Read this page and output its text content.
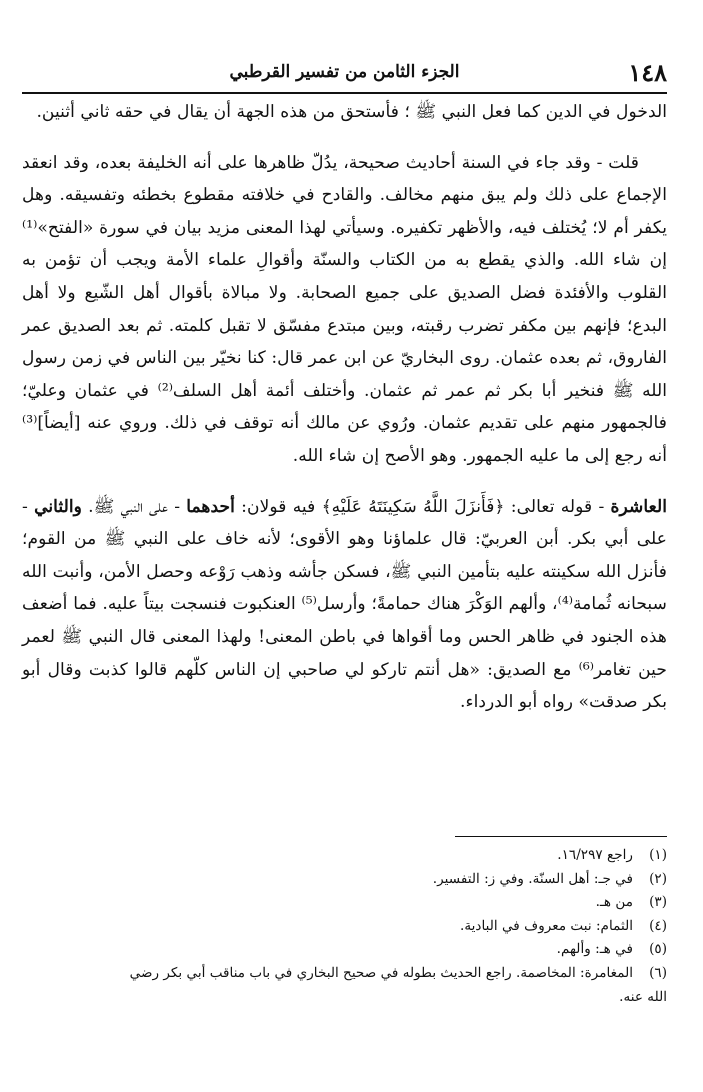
١٤٨
الجزء الثامن من تفسير القرطبي

الدخول في الدين كما فعل النبي ﷺ ؛ فأستحق من هذه الجهة أن يقال في حقه ثاني أثنين.

قلت - وقد جاء في السنة أحاديث صحيحة، يدُلّ ظاهرها على أنه الخليفة بعده، وقد انعقد الإجماع على ذلك ولم يبق منهم مخالف. والقادح في خلافته مقطوع بخطئه وتفسيقه. وهل يكفر أم لا؛ يُختلف فيه، والأظهر تكفيره. وسيأتي لهذا المعنى مزيد بيان في سورة «الفتح»⁽¹⁾ إن شاء الله. والذي يقطع به من الكتاب والسنّة وأقوالِ علماء الأمة ويجب أن تؤمن به القلوب والأفئدة فضل الصديق على جميع الصحابة. ولا مبالاة بأقوال أهل الشّيع ولا أهل البدع؛ فإنهم بين مكفر تضرب رقبته، وبين مبتدع مفسّق لا تقبل كلمته. ثم بعد الصديق عمر الفاروق، ثم بعده عثمان. روى البخاريّ عن ابن عمر قال: كنا نخيّر بين الناس في زمن رسول الله ﷺ فنخير أبا بكر ثم عمر ثم عثمان. وأختلف أئمة أهل السلف⁽²⁾ في عثمان وعليّ؛ فالجمهور منهم على تقديم عثمان. ورُوي عن مالك أنه توقف في ذلك. وروي عنه [أيضاً]⁽³⁾ أنه رجع إلى ما عليه الجمهور. وهو الأصح إن شاء الله.

العاشرة - قوله تعالى: ﴿فَأَنزَلَ اللَّهُ سَكِينَتَهُ عَلَيْهِ﴾ فيه قولان: أحدهما - على النبي ﷺ. والثاني - على أبي بكر. أبن العربيّ: قال علماؤنا وهو الأقوى؛ لأنه خاف على النبي ﷺ من القوم؛ فأنزل الله سكينته عليه بتأمين النبي ﷺ، فسكن جأشه وذهب رَوْعه وحصل الأمن، وأنبت الله سبحانه ثُمامة⁽⁴⁾، وألهم الوَكْرَ هناك حمامةً؛ وأرسل⁽⁵⁾ العنكبوت فنسجت بيتاً عليه. فما أضعف هذه الجنود في ظاهر الحس وما أقواها في باطن المعنى! ولهذا المعنى قال النبي ﷺ لعمر حين تغامر⁽⁶⁾ مع الصديق: «هل أنتم تاركو لي صاحبي إن الناس كلّهم قالوا كذبت وقال أبو بكر صدقت» رواه أبو الدرداء.

(١)راجع ١٦/٢٩٧.

(٢)في جـ: أهل السنّة. وفي ز: التفسير.

(٣)من هـ.

(٤)الثمام: نبت معروف في البادية.

(٥)في هـ: وألهم.

(٦)المغامرة: المخاصمة. راجع الحديث بطوله في صحيح البخاري في باب مناقب أبي بكر رضي

الله عنه.
